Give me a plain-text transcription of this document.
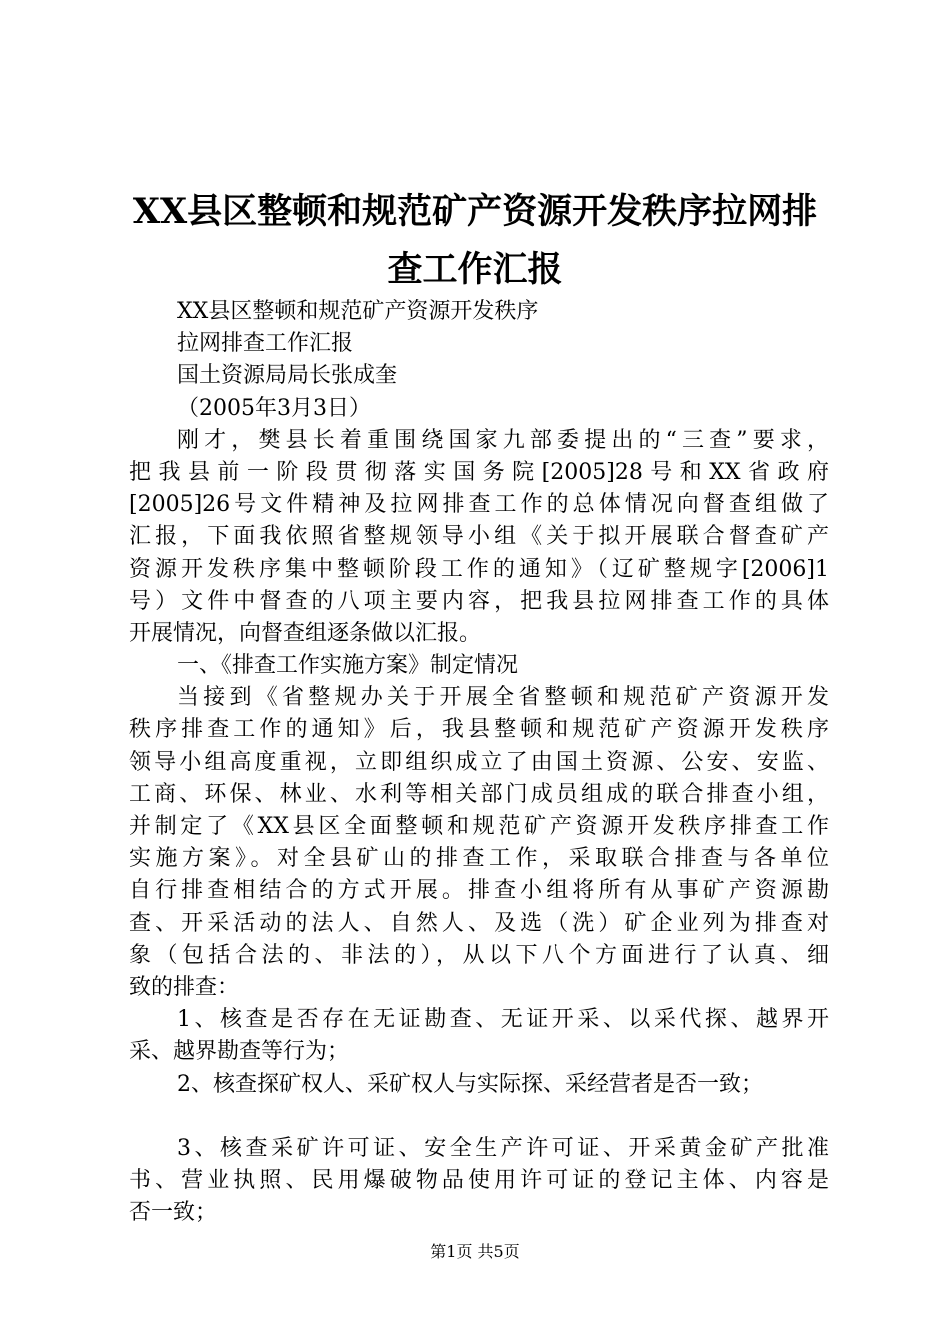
XX县区整顿和规范矿产资源开发秩序拉网排
查工作汇报
XX县区整顿和规范矿产资源开发秩序
拉网排查工作汇报
国土资源局局长张成奎
（2005年3月3日）
刚才，樊县长着重围绕国家九部委提出的“三查”要求，
把我县前一阶段贯彻落实国务院[2005]28号和XX省政府
[2005]26号文件精神及拉网排查工作的总体情况向督查组做了
汇报，下面我依照省整规领导小组《关于拟开展联合督查矿产
资源开发秩序集中整顿阶段工作的通知》（辽矿整规字[2006]1
号）文件中督查的八项主要内容，把我县拉网排查工作的具体
开展情况，向督查组逐条做以汇报。
一、《排查工作实施方案》制定情况
当接到《省整规办关于开展全省整顿和规范矿产资源开发
秩序排查工作的通知》后，我县整顿和规范矿产资源开发秩序
领导小组高度重视，立即组织成立了由国土资源、公安、安监、
工商、环保、林业、水利等相关部门成员组成的联合排查小组，
并制定了《XX县区全面整顿和规范矿产资源开发秩序排查工作
实施方案》。对全县矿山的排查工作，采取联合排查与各单位
自行排查相结合的方式开展。排查小组将所有从事矿产资源勘
查、开采活动的法人、自然人、及选（洗）矿企业列为排查对
象（包括合法的、非法的），从以下八个方面进行了认真、细
致的排查：
1、核查是否存在无证勘查、无证开采、以采代探、越界开
采、越界勘查等行为；
2、核查探矿权人、采矿权人与实际探、采经营者是否一致；
3、核查采矿许可证、安全生产许可证、开采黄金矿产批准
书、营业执照、民用爆破物品使用许可证的登记主体、内容是
否一致；
第1页 共5页
